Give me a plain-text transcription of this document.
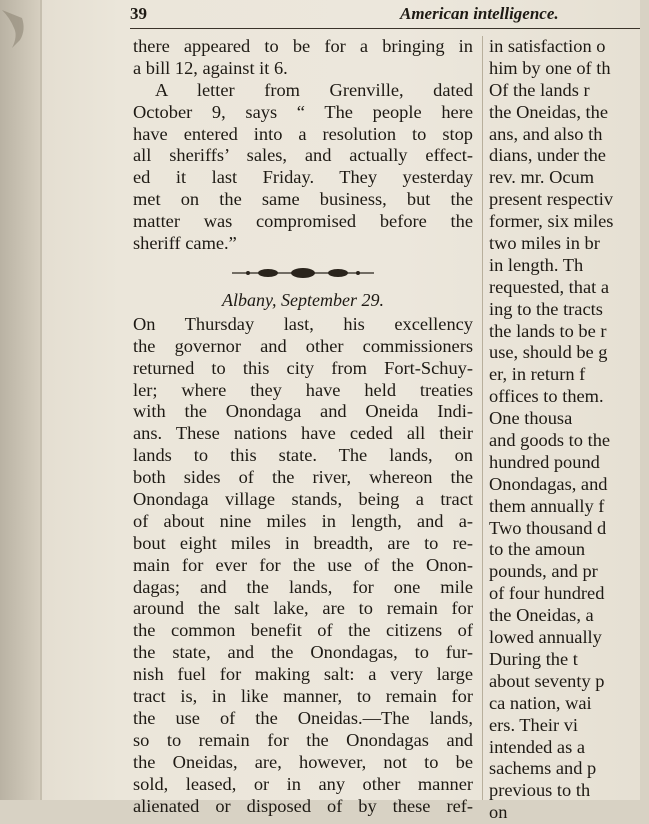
39	American intelligence.
there appeared to be for a bringing in
a bill 12, against it 6.
A letter from Grenville, dated
October 9, says “ The people here
have entered into a resolution to stop
all sheriffs’ sales, and actually effect-
ed it last Friday. They yesterday
met on the same business, but the
matter was compromised before the
sheriff came.”
Albany, September 29.
On Thursday last, his excellency
the governor and other commissioners
returned to this city from Fort-Schuy-
ler; where they have held treaties
with the Onondaga and Oneida Indi-
ans. These nations have ceded all their
lands to this state. The lands, on
both sides of the river, whereon the
Onondaga village stands, being a tract
of about nine miles in length, and a-
bout eight miles in breadth, are to re-
main for ever for the use of the Onon-
dagas; and the lands, for one mile
around the salt lake, are to remain for
the common benefit of the citizens of
the state, and the Onondagas, to fur-
nish fuel for making salt: a very large
tract is, in like manner, to remain for
the use of the Oneidas.—The lands,
so to remain for the Onondagas and
the Oneidas, are, however, not to be
sold, leased, or in any other manner
alienated or disposed of by these ref-
in satisfaction o
him by one of th
Of the lands r
the Oneidas, the
ans, and also th
dians, under the
rev. mr. Ocum
present respectiv
former, six miles
two miles in br
in length. Th
requested, that a
ing to the tracts
the lands to be r
use, should be g
er, in return f
offices to them.
One thousa
and goods to the
hundred pound
Onondagas, and
them annually f
Two thousand d
to the amoun
pounds, and pr
of four hundred
the Oneidas, a
lowed annually
During the t
about seventy p
ca nation, wai
ers. Their vi
intended as a
sachems and p
previous to th
on
